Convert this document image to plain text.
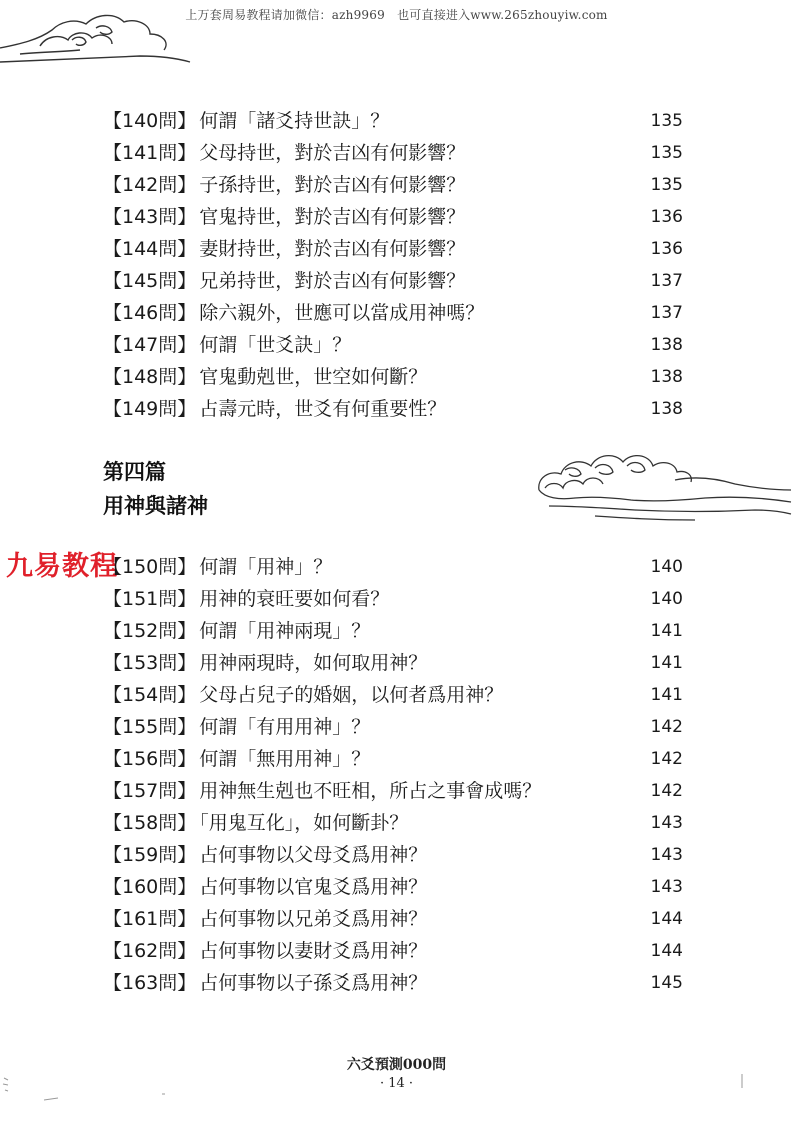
上万套周易教程请加微信：azh9969　也可直接进入www.265zhouyiw.com
【140問】 何謂「諸爻持世訣」？	135
【141問】 父母持世，對於吉凶有何影響？	135
【142問】 子孫持世，對於吉凶有何影響？	135
【143問】 官鬼持世，對於吉凶有何影響？	136
【144問】 妻財持世，對於吉凶有何影響？	136
【145問】 兄弟持世，對於吉凶有何影響？	137
【146問】 除六親外，世應可以當成用神嗎？	137
【147問】 何謂「世爻訣」？	138
【148問】 官鬼動剋世，世空如何斷？	138
【149問】 占壽元時，世爻有何重要性？	138
第四篇
用神與諸神
九易教程
【150問】 何謂「用神」？	140
【151問】 用神的衰旺要如何看？	140
【152問】 何謂「用神兩現」？	141
【153問】 用神兩現時，如何取用神？	141
【154問】 父母占兒子的婚姻，以何者爲用神？	141
【155問】 何謂「有用用神」？	142
【156問】 何謂「無用用神」？	142
【157問】 用神無生剋也不旺相，所占之事會成嗎？	142
【158問】 「用鬼互化」，如何斷卦？	143
【159問】 占何事物以父母爻爲用神？	143
【160問】 占何事物以官鬼爻爲用神？	143
【161問】 占何事物以兄弟爻爲用神？	144
【162問】 占何事物以妻財爻爲用神？	144
【163問】 占何事物以子孫爻爲用神？	145
六爻預測000問
· 14 ·
